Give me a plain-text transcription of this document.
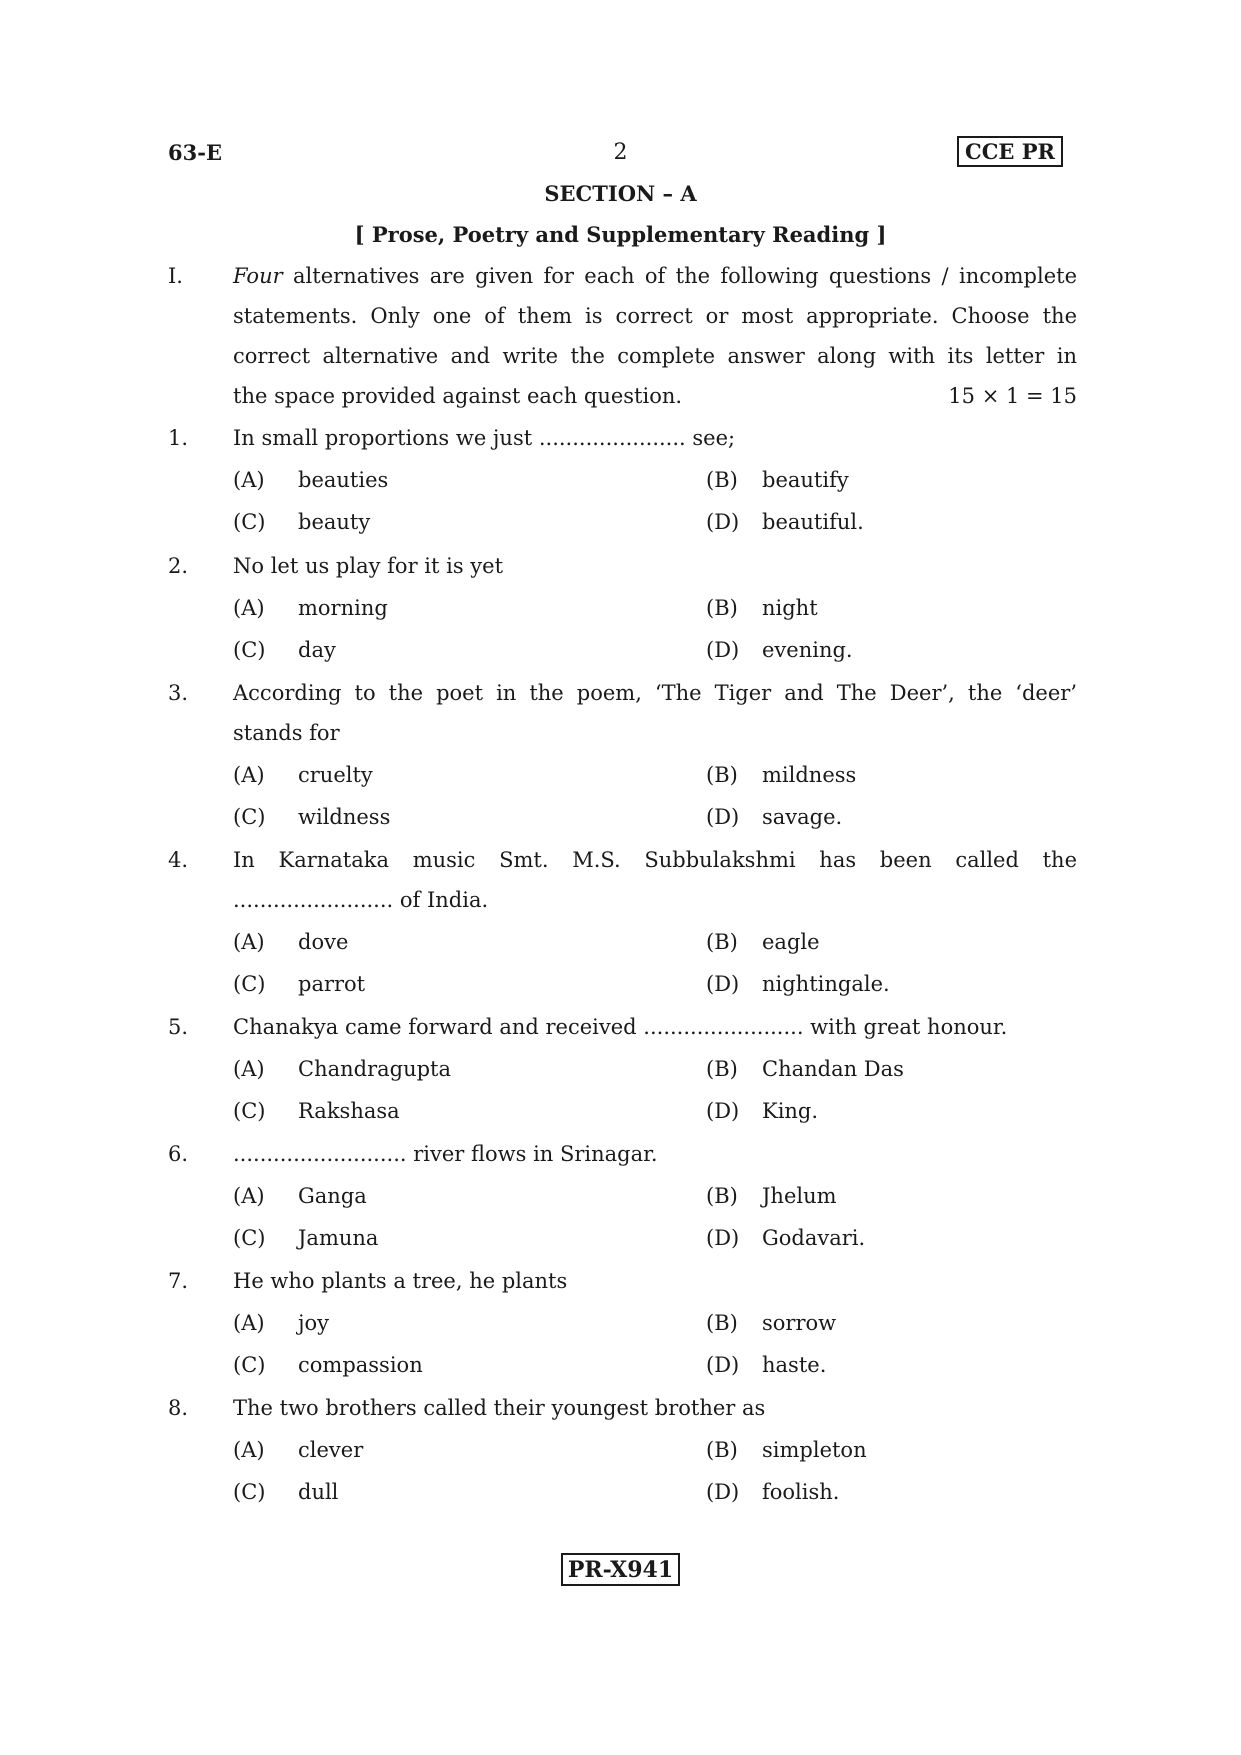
63-E	2	CCE PR
SECTION – A
[ Prose, Poetry and Supplementary Reading ]
I. Four alternatives are given for each of the following questions / incomplete
statements. Only one of them is correct or most appropriate. Choose the
correct alternative and write the complete answer along with its letter in
the space provided against each question.	15 × 1 = 15
1. In small proportions we just ...................... see;
(A) beauties	(B) beautify
(C) beauty	(D) beautiful.
2. No let us play for it is yet
(A) morning	(B) night
(C) day	(D) evening.
3. According to the poet in the poem, ‘The Tiger and The Deer’, the ‘deer’
stands for
(A) cruelty	(B) mildness
(C) wildness	(D) savage.
4. In Karnataka music Smt. M.S. Subbulakshmi has been called the
........................ of India.
(A) dove	(B) eagle
(C) parrot	(D) nightingale.
5. Chanakya came forward and received ........................ with great honour.
(A) Chandragupta	(B) Chandan Das
(C) Rakshasa	(D) King.
6. .......................... river flows in Srinagar.
(A) Ganga	(B) Jhelum
(C) Jamuna	(D) Godavari.
7. He who plants a tree, he plants
(A) joy	(B) sorrow
(C) compassion	(D) haste.
8. The two brothers called their youngest brother as
(A) clever	(B) simpleton
(C) dull	(D) foolish.
PR-X941
